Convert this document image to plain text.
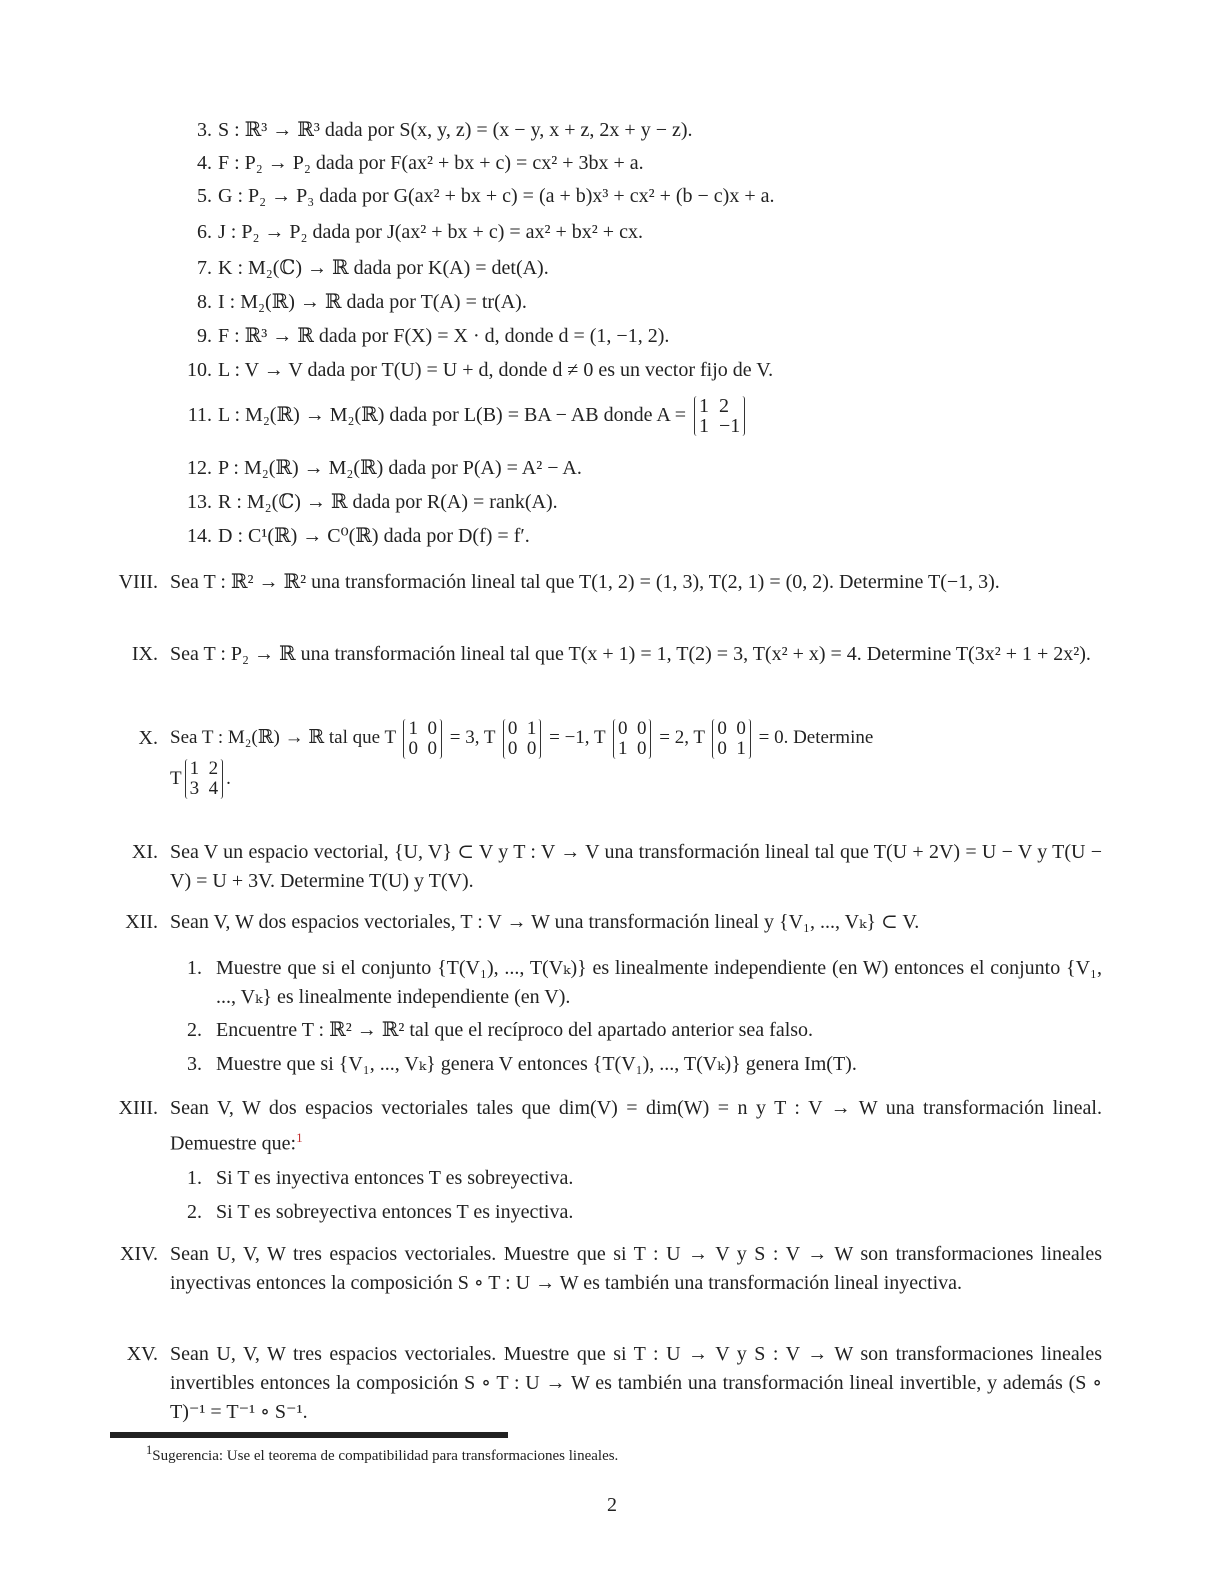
3. S : ℝ³ → ℝ³ dada por S(x, y, z) = (x − y, x + z, 2x + y − z).
4. F : P₂ → P₂ dada por F(ax² + bx + c) = cx² + 3bx + a.
5. G : P₂ → P₃ dada por G(ax² + bx + c) = (a + b)x³ + cx² + (b − c)x + a.
6. J : P₂ → P₂ dada por J(ax² + bx + c) = ax² + bx² + cx.
7. K : M₂(ℂ) → ℝ dada por K(A) = det(A).
8. I : M₂(ℝ) → ℝ dada por T(A) = tr(A).
9. F : ℝ³ → ℝ dada por F(X) = X · d, donde d = (1, −1, 2).
10. L : V → V dada por T(U) = U + d, donde d ≠ 0 es un vector fijo de V.
11. L : M₂(ℝ) → M₂(ℝ) dada por L(B) = BA − AB donde A = 1 2
1 −1
12. P : M₂(ℝ) → M₂(ℝ) dada por P(A) = A² − A.
13. R : M₂(ℂ) → ℝ dada por R(A) = rank(A).
14. D : C¹(ℝ) → C⁰(ℝ) dada por D(f) = f′.
VIII. Sea T : ℝ² → ℝ² una transformación lineal tal que T(1, 2) = (1, 3), T(2, 1) = (0, 2). Determine T(−1, 3).
IX. Sea T : P₂ → ℝ una transformación lineal tal que T(x + 1) = 1, T(2) = 3, T(x² + x) = 4. Determine T(3x² + 1 + 2x²).
X. Sea T : M₂(ℝ) → ℝ tal que T 1 0
0 0
= 3, T 0 1
0 0
= −1, T 0 0
1 0
= 2, T 0 0
0 1
= 0. Determine
T 1 2
3 4
.
XI. Sea V un espacio vectorial, {U, V} ⊂ V y T : V → V una transformación lineal tal que T(U + 2V) = U − V y T(U − V) = U + 3V. Determine T(U) y T(V).
XII. Sean V, W dos espacios vectoriales, T : V → W una transformación lineal y {V₁, ..., Vₖ} ⊂ V.
1. Muestre que si el conjunto {T(V₁), ..., T(Vₖ)} es linealmente independiente (en W) entonces el conjunto {V₁, ..., Vₖ} es linealmente independiente (en V).
2. Encuentre T : ℝ² → ℝ² tal que el recíproco del apartado anterior sea falso.
3. Muestre que si {V₁, ..., Vₖ} genera V entonces {T(V₁), ..., T(Vₖ)} genera Im(T).
XIII. Sean V, W dos espacios vectoriales tales que dim(V) = dim(W) = n y T : V → W una transformación lineal. Demuestre que:$^1$
1. Si T es inyectiva entonces T es sobreyectiva.
2. Si T es sobreyectiva entonces T es inyectiva.
XIV. Sean U, V, W tres espacios vectoriales. Muestre que si T : U → V y S : V → W son transformaciones lineales inyectivas entonces la composición S ∘ T : U → W es también una transformación lineal inyectiva.
XV. Sean U, V, W tres espacios vectoriales. Muestre que si T : U → V y S : V → W son transformaciones lineales invertibles entonces la composición S ∘ T : U → W es también una transformación lineal invertible, y además (S ∘ T)⁻¹ = T⁻¹ ∘ S⁻¹.
$^1$Sugerencia: Use el teorema de compatibilidad para transformaciones lineales.
2
